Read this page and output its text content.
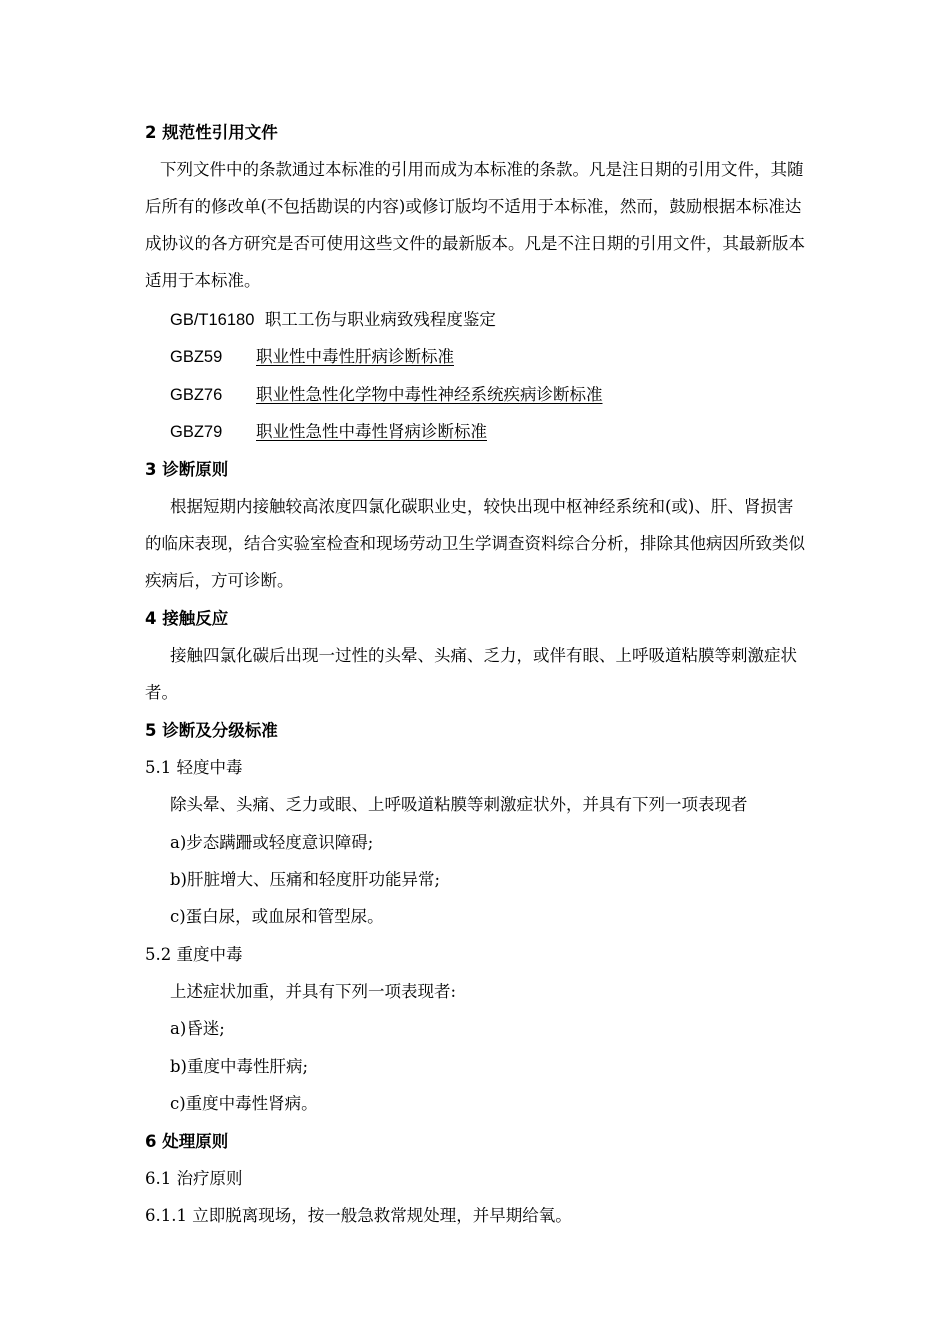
2 规范性引用文件
下列文件中的条款通过本标准的引用而成为本标准的条款。凡是注日期的引用文件，其随
后所有的修改单(不包括勘误的内容)或修订版均不适用于本标准，然而，鼓励根据本标准达
成协议的各方研究是否可使用这些文件的最新版本。凡是不注日期的引用文件，其最新版本
适用于本标准。
GB/T16180 职工工伤与职业病致残程度鉴定
GBZ59 职业性中毒性肝病诊断标准
GBZ76 职业性急性化学物中毒性神经系统疾病诊断标准
GBZ79 职业性急性中毒性肾病诊断标准
3 诊断原则
根据短期内接触较高浓度四氯化碳职业史，较快出现中枢神经系统和(或)、肝、肾损害
的临床表现，结合实验室检查和现场劳动卫生学调查资料综合分析，排除其他病因所致类似
疾病后，方可诊断。
4 接触反应
接触四氯化碳后出现一过性的头晕、头痛、乏力，或伴有眼、上呼吸道粘膜等刺激症状
者。
5 诊断及分级标准
5.1 轻度中毒
除头晕、头痛、乏力或眼、上呼吸道粘膜等刺激症状外，并具有下列一项表现者
a)步态蹒跚或轻度意识障碍;
b)肝脏增大、压痛和轻度肝功能异常;
c)蛋白尿，或血尿和管型尿。
5.2 重度中毒
上述症状加重，并具有下列一项表现者:
a)昏迷;
b)重度中毒性肝病;
c)重度中毒性肾病。
6 处理原则
6.1 治疗原则
6.1.1 立即脱离现场，按一般急救常规处理，并早期给氧。
